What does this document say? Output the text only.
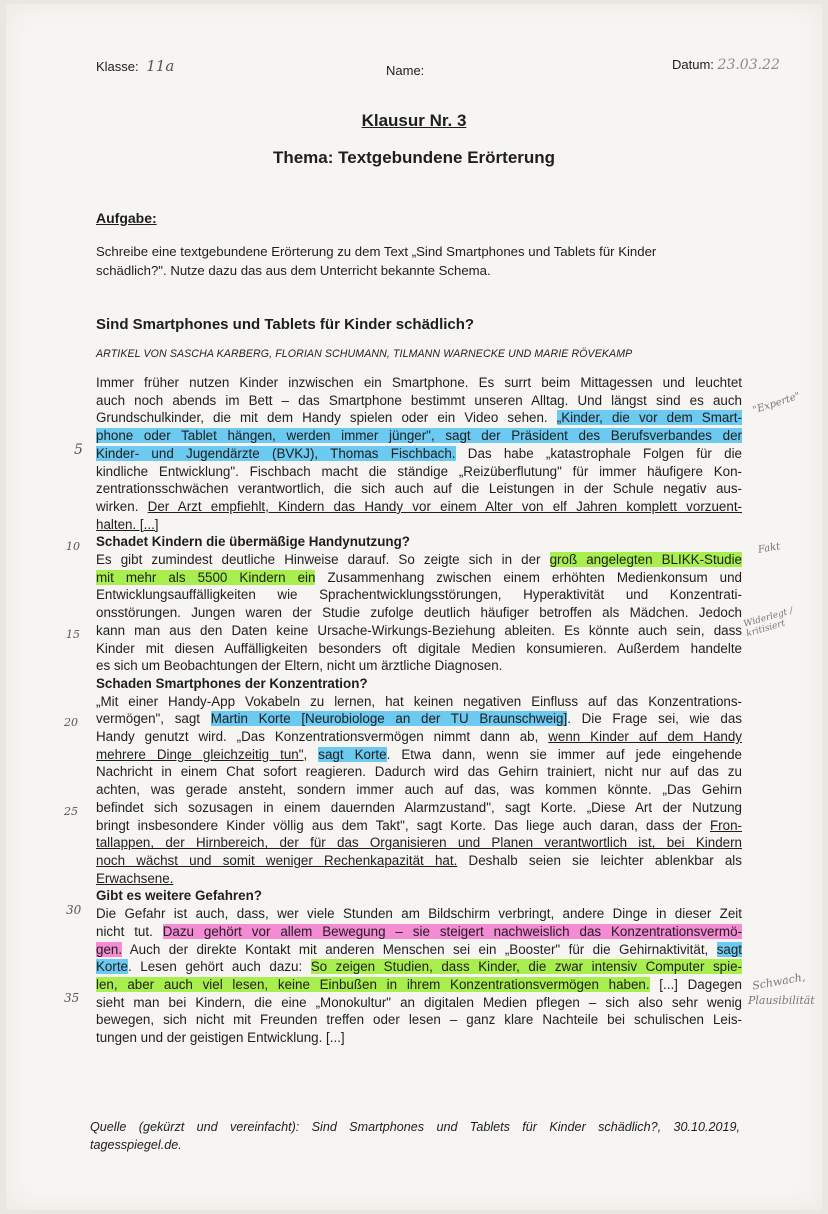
Klasse: 11a	Name:	Datum: 23.03.22
Klausur Nr. 3
Thema: Textgebundene Erörterung
Aufgabe:
Schreibe eine textgebundene Erörterung zu dem Text „Sind Smartphones und Tablets für Kinder
schädlich?". Nutze dazu das aus dem Unterricht bekannte Schema.
Sind Smartphones und Tablets für Kinder schädlich?
ARTIKEL VON SASCHA KARBERG, FLORIAN SCHUMANN, TILMANN WARNECKE UND MARIE RÖVEKAMP
Immer früher nutzen Kinder inzwischen ein Smartphone. Es surrt beim Mittagessen und leuchtet
auch noch abends im Bett – das Smartphone bestimmt unseren Alltag. Und längst sind es auch
Grundschulkinder, die mit dem Handy spielen oder ein Video sehen. „Kinder, die vor dem Smart-
phone oder Tablet hängen, werden immer jünger", sagt der Präsident des Berufsverbandes der
Kinder- und Jugendärzte (BVKJ), Thomas Fischbach. Das habe „katastrophale Folgen für die
kindliche Entwicklung". Fischbach macht die ständige „Reizüberflutung" für immer häufigere Kon-
zentrationsschwächen verantwortlich, die sich auch auf die Leistungen in der Schule negativ aus-
wirken. Der Arzt empfiehlt, Kindern das Handy vor einem Alter von elf Jahren komplett vorzuent-
halten. [...]
Schadet Kindern die übermäßige Handynutzung?
Es gibt zumindest deutliche Hinweise darauf. So zeigte sich in der groß angelegten BLIKK-Studie
mit mehr als 5500 Kindern ein Zusammenhang zwischen einem erhöhten Medienkonsum und
Entwicklungsauffälligkeiten wie Sprachentwicklungsstörungen, Hyperaktivität und Konzentrati-
onsstörungen. Jungen waren der Studie zufolge deutlich häufiger betroffen als Mädchen. Jedoch
kann man aus den Daten keine Ursache-Wirkungs-Beziehung ableiten. Es könnte auch sein, dass
Kinder mit diesen Auffälligkeiten besonders oft digitale Medien konsumieren. Außerdem handelte
es sich um Beobachtungen der Eltern, nicht um ärztliche Diagnosen.
Schaden Smartphones der Konzentration?
„Mit einer Handy-App Vokabeln zu lernen, hat keinen negativen Einfluss auf das Konzentrations-
vermögen", sagt Martin Korte [Neurobiologe an der TU Braunschweig]. Die Frage sei, wie das
Handy genutzt wird. „Das Konzentrationsvermögen nimmt dann ab, wenn Kinder auf dem Handy
mehrere Dinge gleichzeitig tun", sagt Korte. Etwa dann, wenn sie immer auf jede eingehende
Nachricht in einem Chat sofort reagieren. Dadurch wird das Gehirn trainiert, nicht nur auf das zu
achten, was gerade ansteht, sondern immer auch auf das, was kommen könnte. „Das Gehirn
befindet sich sozusagen in einem dauernden Alarmzustand", sagt Korte. „Diese Art der Nutzung
bringt insbesondere Kinder völlig aus dem Takt", sagt Korte. Das liege auch daran, dass der Fron-
tallappen, der Hirnbereich, der für das Organisieren und Planen verantwortlich ist, bei Kindern
noch wächst und somit weniger Rechenkapazität hat. Deshalb seien sie leichter ablenkbar als
Erwachsene.
Gibt es weitere Gefahren?
Die Gefahr ist auch, dass, wer viele Stunden am Bildschirm verbringt, andere Dinge in dieser Zeit
nicht tut. Dazu gehört vor allem Bewegung – sie steigert nachweislich das Konzentrationsvermö-
gen. Auch der direkte Kontakt mit anderen Menschen sei ein „Booster" für die Gehirnaktivität, sagt
Korte. Lesen gehört auch dazu: So zeigen Studien, dass Kinder, die zwar intensiv Computer spie-
len, aber auch viel lesen, keine Einbußen in ihrem Konzentrationsvermögen haben. [...] Dagegen
sieht man bei Kindern, die eine „Monokultur" an digitalen Medien pflegen – sich also sehr wenig
bewegen, sich nicht mit Freunden treffen oder lesen – ganz klare Nachteile bei schulischen Leis-
tungen und der geistigen Entwicklung. [...]
5
10
15
20
25
30
35
"Experte"
Fakt
Widerlegt / kritisiert
Schwach,
Plausibilität
Quelle (gekürzt und vereinfacht): Sind Smartphones und Tablets für Kinder schädlich?, 30.10.2019,
tagesspiegel.de.
